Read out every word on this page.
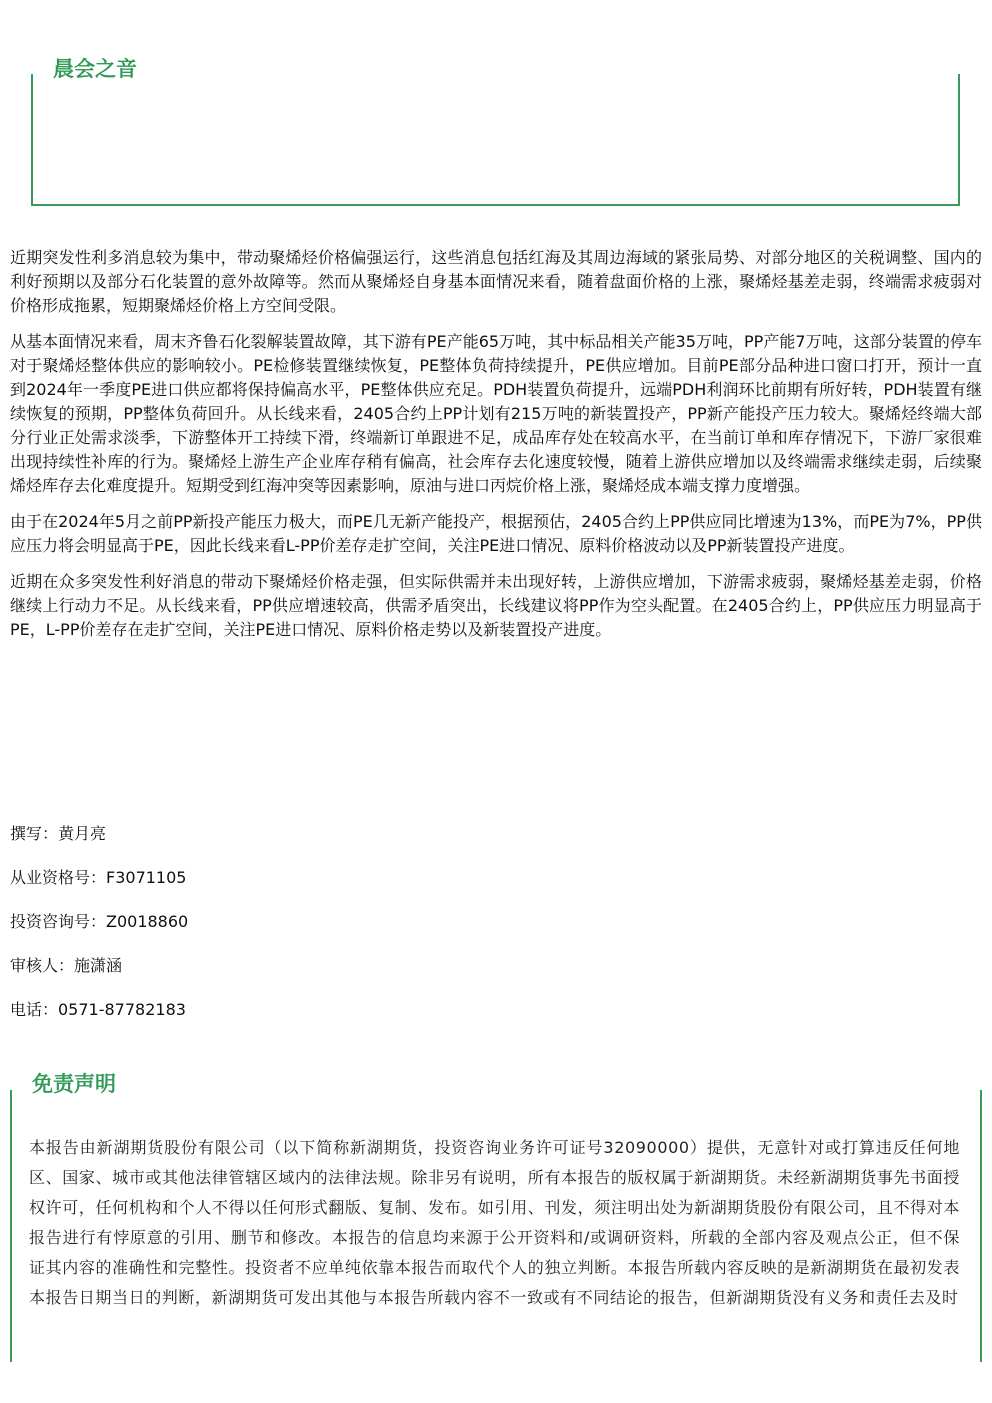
晨会之音

近期突发性利多消息较为集中，带动聚烯烃价格偏强运行，这些消息包括红海及其周边海域的紧张局势、对部分地区的关税调整、国内的利好预期以及部分石化装置的意外故障等。然而从聚烯烃自身基本面情况来看，随着盘面价格的上涨，聚烯烃基差走弱，终端需求疲弱对价格形成拖累，短期聚烯烃价格上方空间受限。

从基本面情况来看，周末齐鲁石化裂解装置故障，其下游有PE产能65万吨，其中标品相关产能35万吨，PP产能7万吨，这部分装置的停车对于聚烯烃整体供应的影响较小。PE检修装置继续恢复，PE整体负荷持续提升，PE供应增加。目前PE部分品种进口窗口打开，预计一直到2024年一季度PE进口供应都将保持偏高水平，PE整体供应充足。PDH装置负荷提升，远端PDH利润环比前期有所好转，PDH装置有继续恢复的预期，PP整体负荷回升。从长线来看，2405合约上PP计划有215万吨的新装置投产，PP新产能投产压力较大。聚烯烃终端大部分行业正处需求淡季，下游整体开工持续下滑，终端新订单跟进不足，成品库存处在较高水平，在当前订单和库存情况下，下游厂家很难出现持续性补库的行为。聚烯烃上游生产企业库存稍有偏高，社会库存去化速度较慢，随着上游供应增加以及终端需求继续走弱，后续聚烯烃库存去化难度提升。短期受到红海冲突等因素影响，原油与进口丙烷价格上涨，聚烯烃成本端支撑力度增强。

由于在2024年5月之前PP新投产能压力极大，而PE几无新产能投产，根据预估，2405合约上PP供应同比增速为13%，而PE为7%，PP供应压力将会明显高于PE，因此长线来看L-PP价差存走扩空间，关注PE进口情况、原料价格波动以及PP新装置投产进度。

近期在众多突发性利好消息的带动下聚烯烃价格走强，但实际供需并未出现好转，上游供应增加，下游需求疲弱，聚烯烃基差走弱，价格继续上行动力不足。从长线来看，PP供应增速较高，供需矛盾突出，长线建议将PP作为空头配置。在2405合约上，PP供应压力明显高于PE，L-PP价差存在走扩空间，关注PE进口情况、原料价格走势以及新装置投产进度。

撰写：黄月亮
从业资格号：F3071105
投资咨询号：Z0018860
审核人：施潇涵
电话：0571-87782183
免责声明
本报告由新湖期货股份有限公司（以下简称新湖期货，投资咨询业务许可证号32090000）提供，无意针对或打算违反任何地区、国家、城市或其他法律管辖区域内的法律法规。除非另有说明，所有本报告的版权属于新湖期货。未经新湖期货事先书面授权许可，任何机构和个人不得以任何形式翻版、复制、发布。如引用、刊发，须注明出处为新湖期货股份有限公司，且不得对本报告进行有悖原意的引用、删节和修改。本报告的信息均来源于公开资料和/或调研资料，所载的全部内容及观点公正，但不保证其内容的准确性和完整性。投资者不应单纯依靠本报告而取代个人的独立判断。本报告所载内容反映的是新湖期货在最初发表本报告日期当日的判断，新湖期货可发出其他与本报告所载内容不一致或有不同结论的报告，但新湖期货没有义务和责任去及时
